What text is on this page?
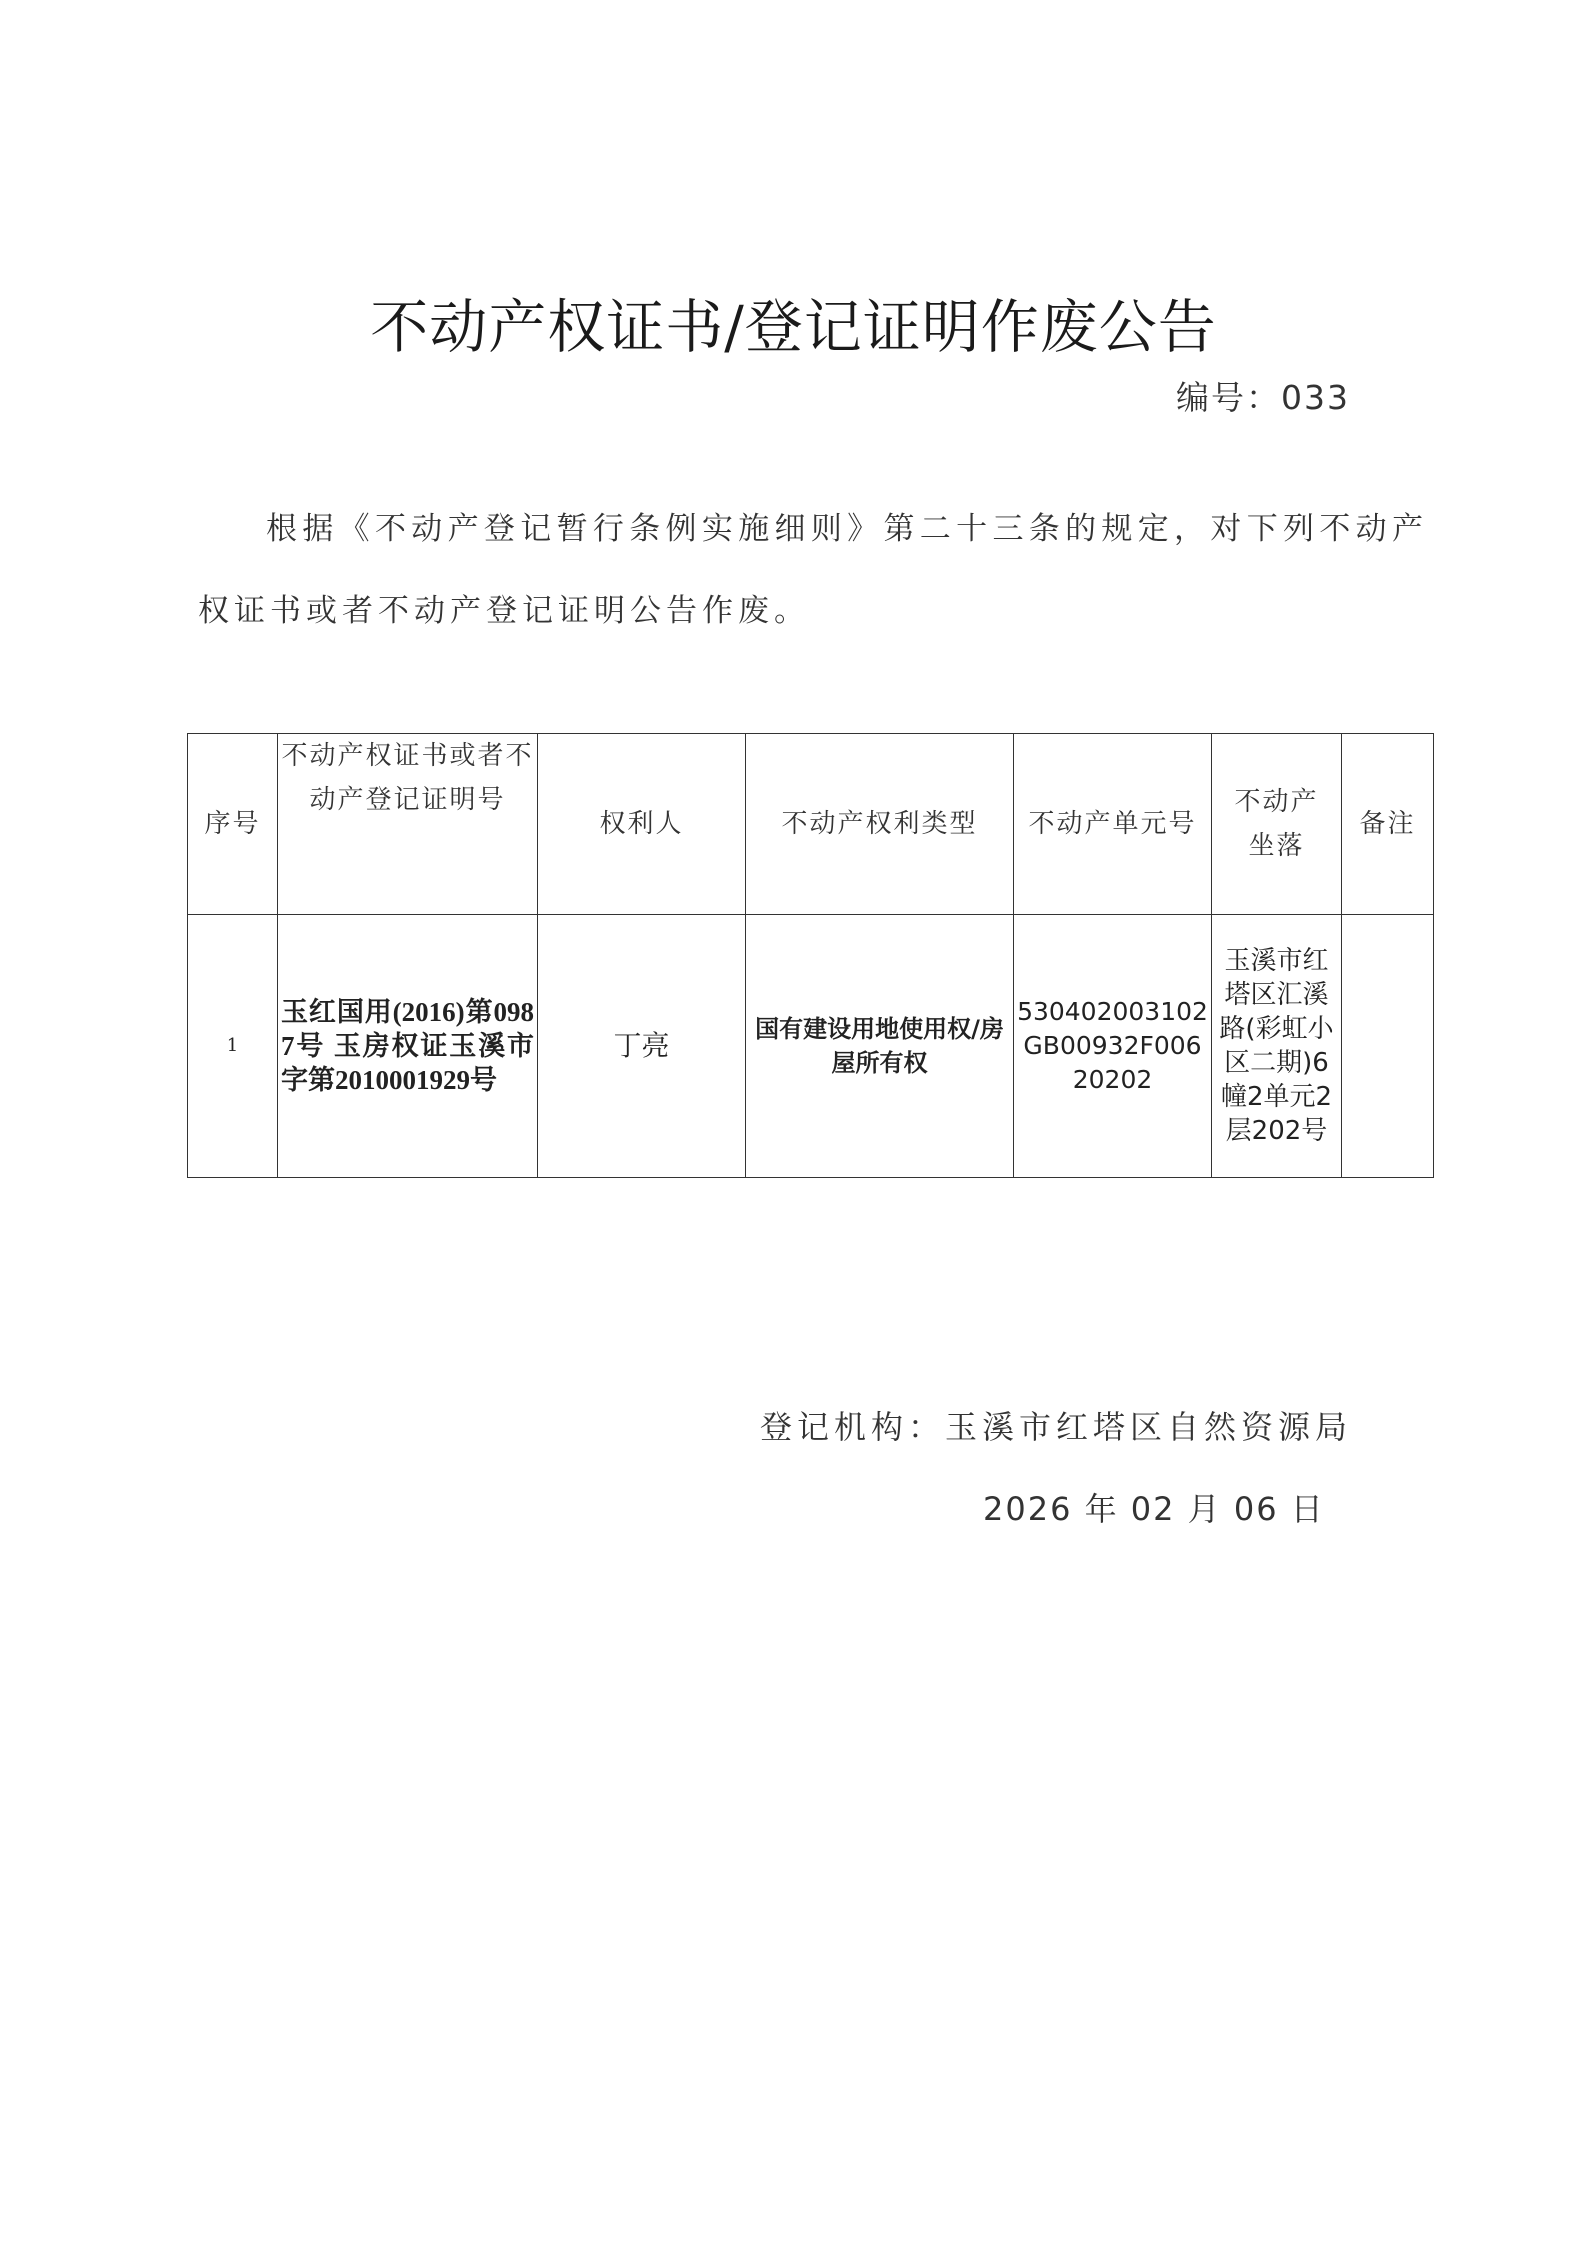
不动产权证书/登记证明作废公告
编号：033
根据《不动产登记暂行条例实施细则》第二十三条的规定，对下列不动产权证书或者不动产登记证明公告作废。
序号	不动产权证书或者不动产登记证明号	权利人	不动产权利类型	不动产单元号	不动产坐落	备注
1	玉红国用(2016)第0987号 玉房权证玉溪市字第2010001929号	丁亮	国有建设用地使用权/房屋所有权	530402003102GB00932F00620202	玉溪市红塔区汇溪路(彩虹小区二期)6幢2单元2层202号	
登记机构：玉溪市红塔区自然资源局
2026 年 02 月 06 日
